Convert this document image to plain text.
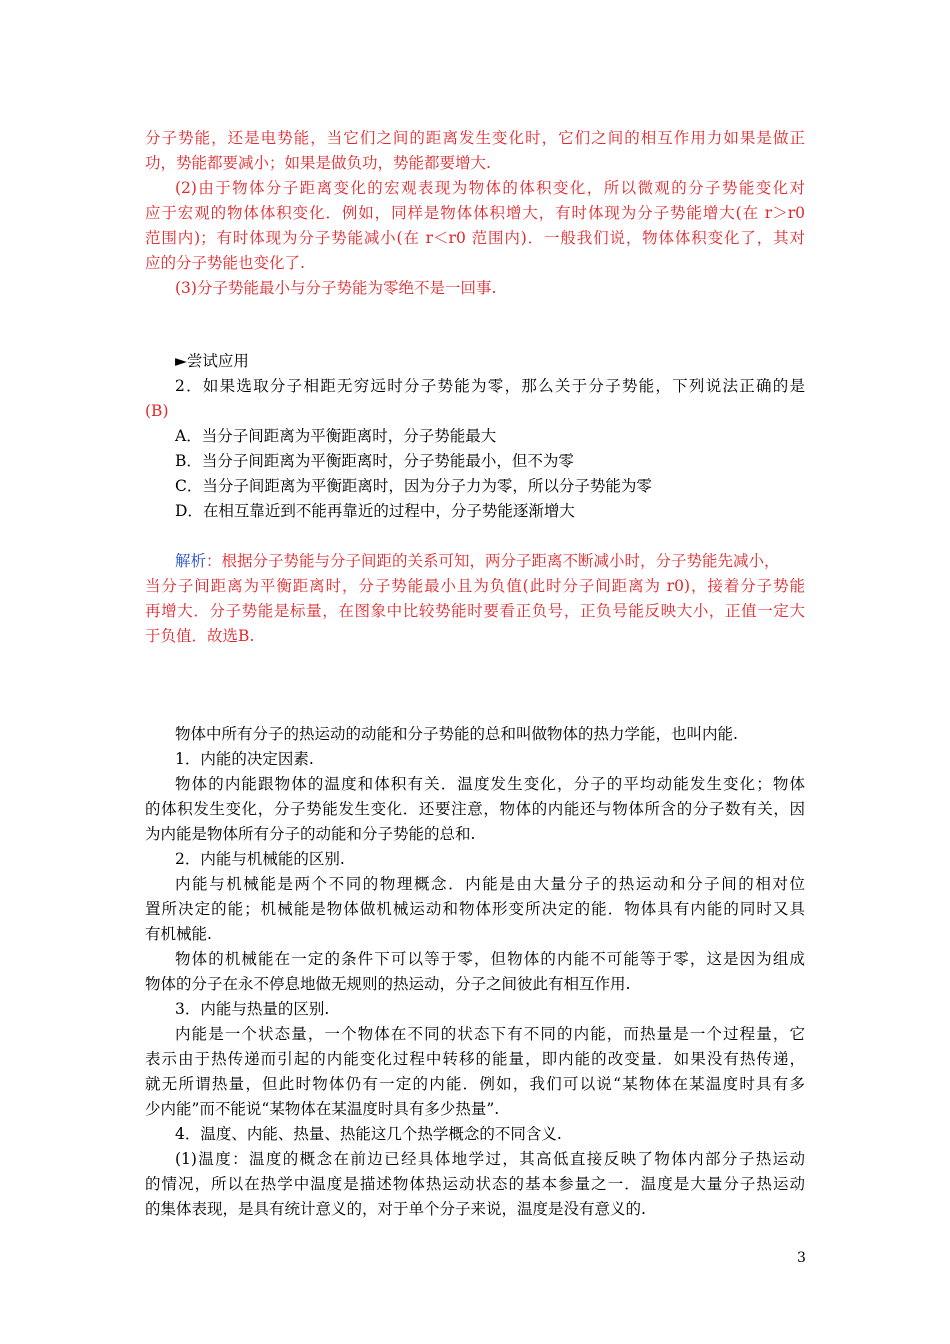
分子势能，还是电势能，当它们之间的距离发生变化时，它们之间的相互作用力如果是做正
功，势能都要减小；如果是做负功，势能都要增大.
(2)由于物体分子距离变化的宏观表现为物体的体积变化，所以微观的分子势能变化对
应于宏观的物体体积变化．例如，同样是物体体积增大，有时体现为分子势能增大(在 r＞r0
范围内)；有时体现为分子势能减小(在 r＜r0 范围内)．一般我们说，物体体积变化了，其对
应的分子势能也变化了.
(3)分子势能最小与分子势能为零绝不是一回事.
►尝试应用
2．如果选取分子相距无穷远时分子势能为零，那么关于分子势能，下列说法正确的是
(B)
A．当分子间距离为平衡距离时，分子势能最大
B．当分子间距离为平衡距离时，分子势能最小，但不为零
C．当分子间距离为平衡距离时，因为分子力为零，所以分子势能为零
D．在相互靠近到不能再靠近的过程中，分子势能逐渐增大
解析：根据分子势能与分子间距的关系可知，两分子距离不断减小时，分子势能先减小，
当分子间距离为平衡距离时，分子势能最小且为负值(此时分子间距离为 r0)，接着分子势能
再增大．分子势能是标量，在图象中比较势能时要看正负号，正负号能反映大小，正值一定大
于负值．故选B.
物体中所有分子的热运动的动能和分子势能的总和叫做物体的热力学能，也叫内能.
1．内能的决定因素.
物体的内能跟物体的温度和体积有关．温度发生变化，分子的平均动能发生变化；物体
的体积发生变化，分子势能发生变化．还要注意，物体的内能还与物体所含的分子数有关，因
为内能是物体所有分子的动能和分子势能的总和.
2．内能与机械能的区别.
内能与机械能是两个不同的物理概念．内能是由大量分子的热运动和分子间的相对位
置所决定的能；机械能是物体做机械运动和物体形变所决定的能．物体具有内能的同时又具
有机械能.
物体的机械能在一定的条件下可以等于零，但物体的内能不可能等于零，这是因为组成
物体的分子在永不停息地做无规则的热运动，分子之间彼此有相互作用.
3．内能与热量的区别.
内能是一个状态量，一个物体在不同的状态下有不同的内能，而热量是一个过程量，它
表示由于热传递而引起的内能变化过程中转移的能量，即内能的改变量．如果没有热传递，
就无所谓热量，但此时物体仍有一定的内能．例如，我们可以说“某物体在某温度时具有多
少内能”而不能说“某物体在某温度时具有多少热量”.
4．温度、内能、热量、热能这几个热学概念的不同含义.
(1)温度：温度的概念在前边已经具体地学过，其高低直接反映了物体内部分子热运动
的情况，所以在热学中温度是描述物体热运动状态的基本参量之一．温度是大量分子热运动
的集体表现，是具有统计意义的，对于单个分子来说，温度是没有意义的.
3
